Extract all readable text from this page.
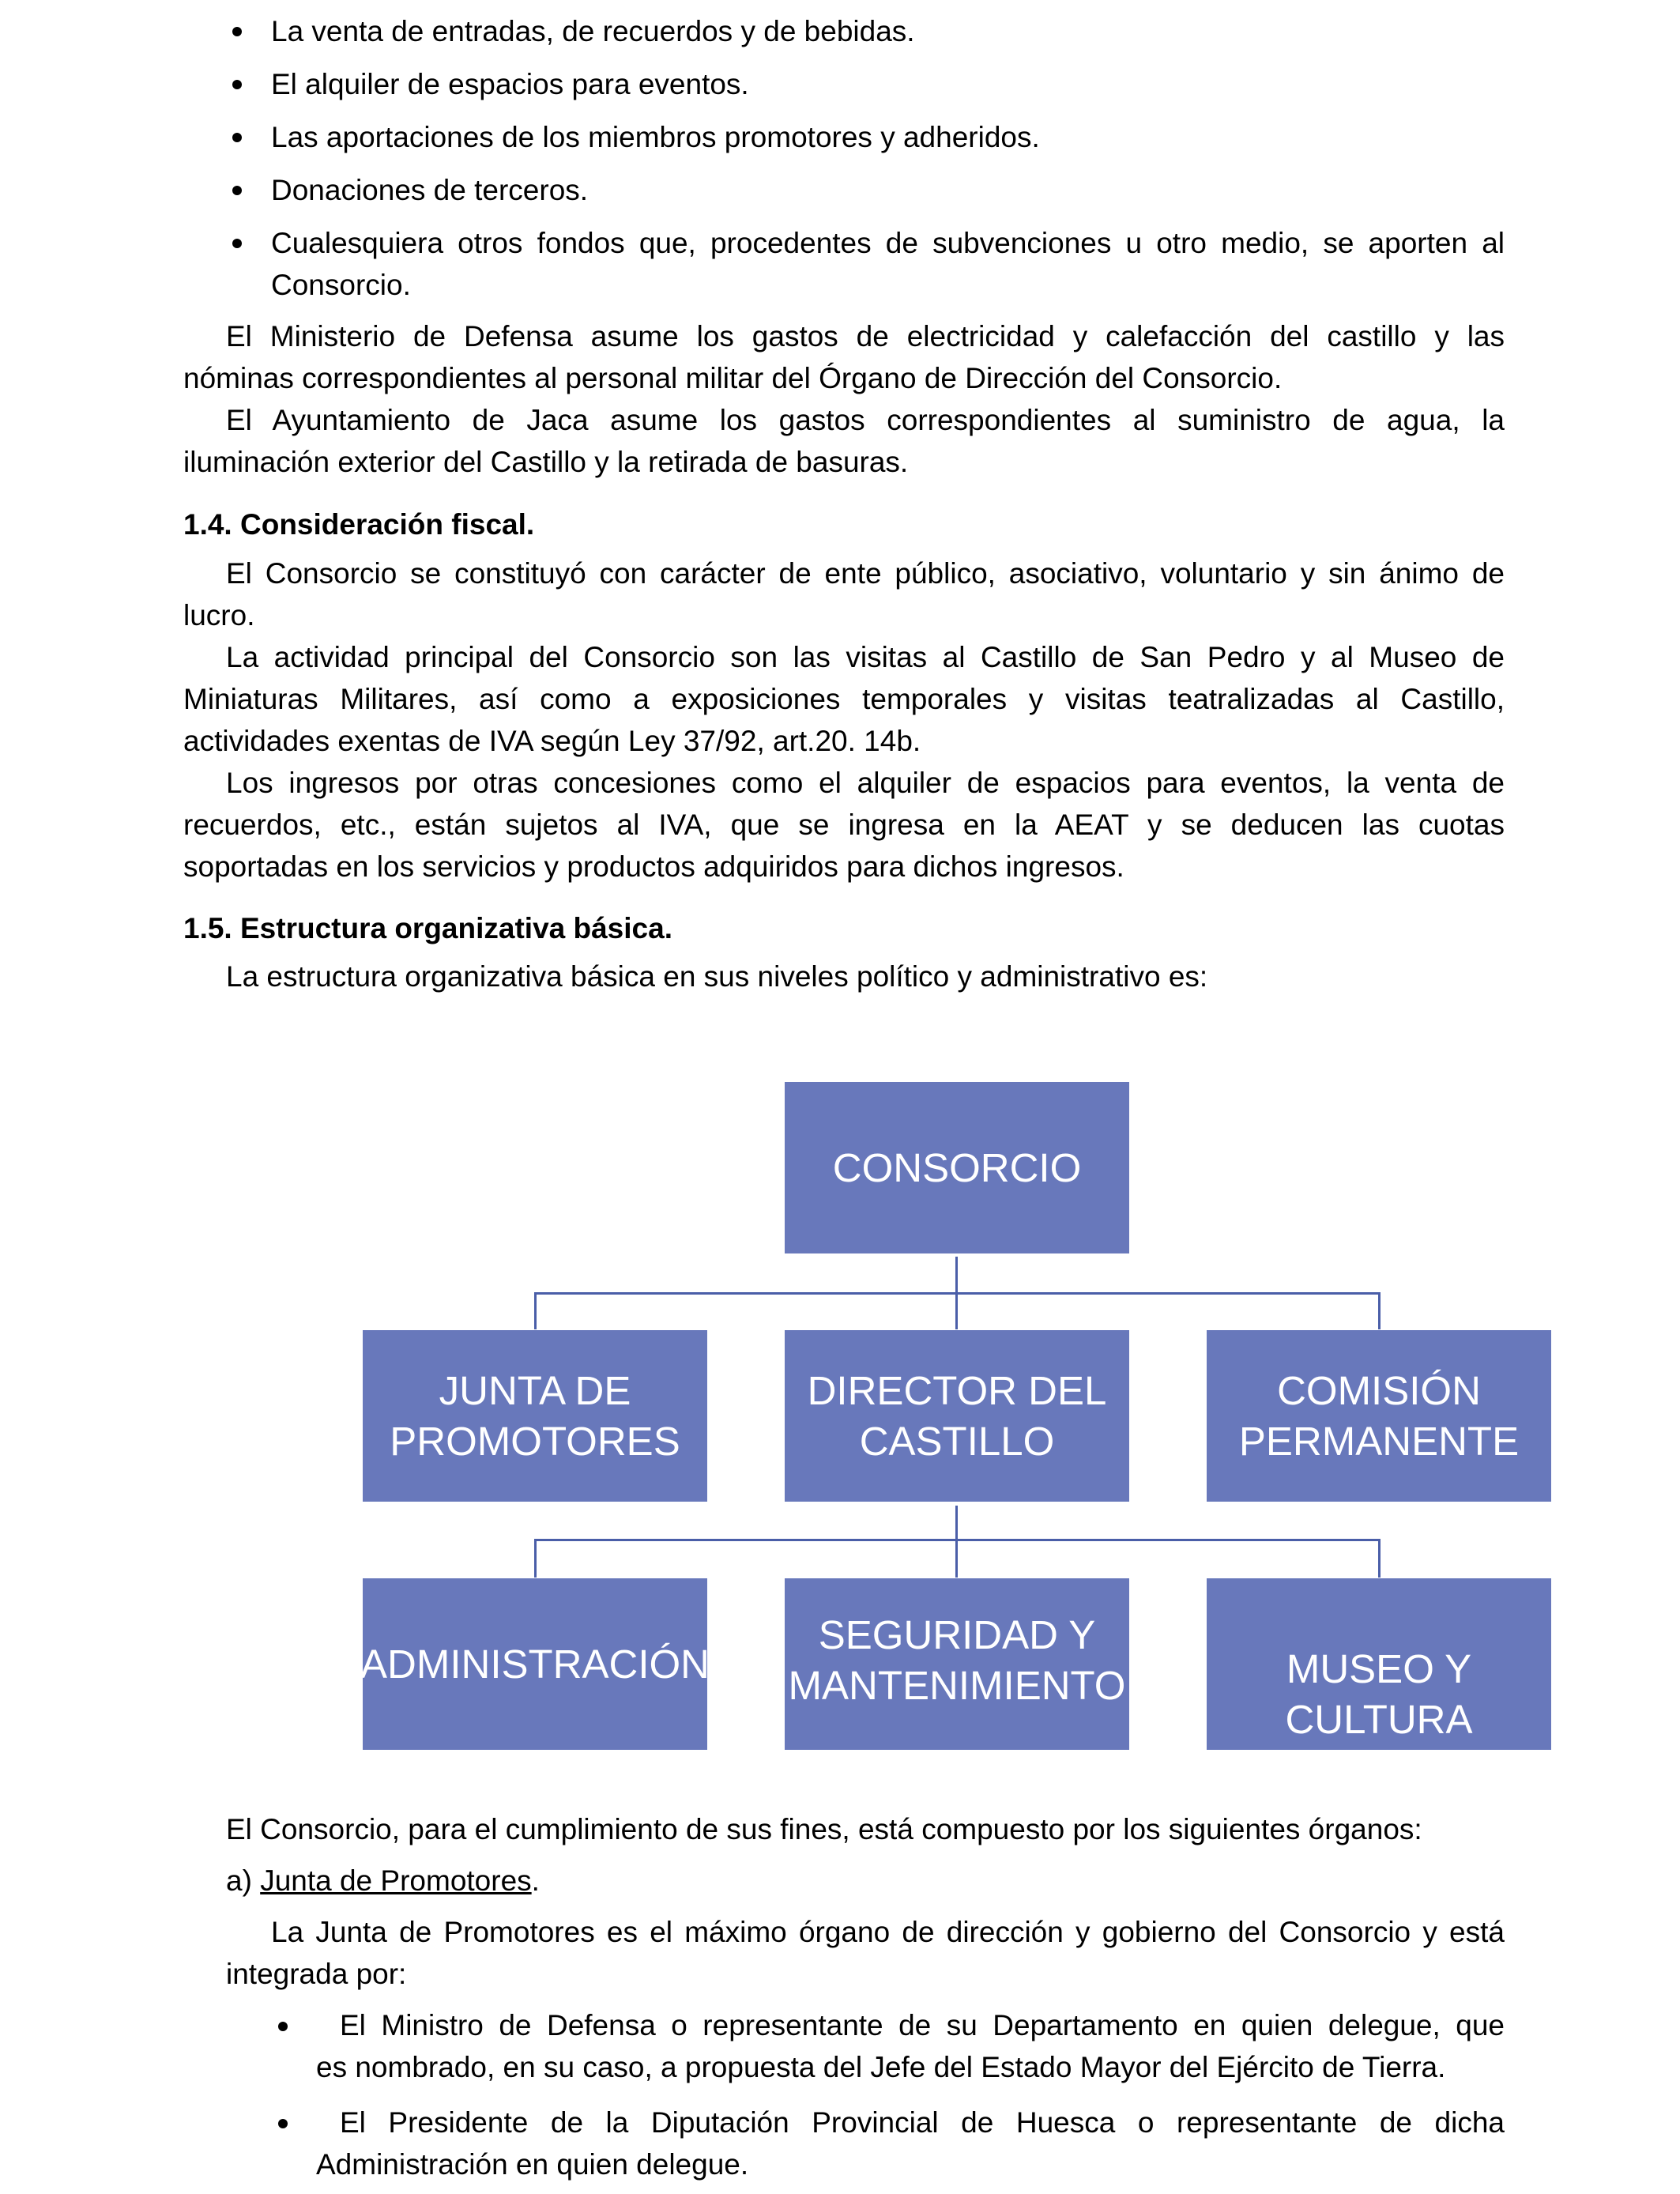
La venta de entradas, de recuerdos y de bebidas.
El alquiler de espacios para eventos.
Las aportaciones de los miembros promotores y adheridos.
Donaciones de terceros.
Cualesquiera otros fondos que, procedentes de subvenciones u otro medio, se aporten al
Consorcio.
El Ministerio de Defensa asume los gastos de electricidad y calefacción del castillo y las
nóminas correspondientes al personal militar del Órgano de Dirección del Consorcio.
El Ayuntamiento de Jaca asume los gastos correspondientes al suministro de agua, la
iluminación exterior del Castillo y la retirada de basuras.
1.4. Consideración fiscal.
El Consorcio se constituyó con carácter de ente público, asociativo, voluntario y sin ánimo de
lucro.
La actividad principal del Consorcio son las visitas al Castillo de San Pedro y al Museo de
Miniaturas Militares, así como a exposiciones temporales y visitas teatralizadas al Castillo,
actividades exentas de IVA según Ley 37/92, art.20. 14b.
Los ingresos por otras concesiones como el alquiler de espacios para eventos, la venta de
recuerdos, etc., están sujetos al IVA, que se ingresa en la AEAT y se deducen las cuotas
soportadas en los servicios y productos adquiridos para dichos ingresos.
1.5. Estructura organizativa básica.
La estructura organizativa básica en sus niveles político y administrativo es:
CONSORCIO
JUNTA DE
PROMOTORES
DIRECTOR DEL
CASTILLO
COMISIÓN
PERMANENTE
ADMINISTRACIÓN
SEGURIDAD Y
MANTENIMIENTO	MUSEO Y
CULTURA
El Consorcio, para el cumplimiento de sus fines, está compuesto por los siguientes órganos:
a) Junta de Promotores.
La Junta de Promotores es el máximo órgano de dirección y gobierno del Consorcio y está
integrada por:
El Ministro de Defensa o representante de su Departamento en quien delegue, que
es nombrado, en su caso, a propuesta del Jefe del Estado Mayor del Ejército de Tierra.
El Presidente de la Diputación Provincial de Huesca o representante de dicha
Administración en quien delegue.
